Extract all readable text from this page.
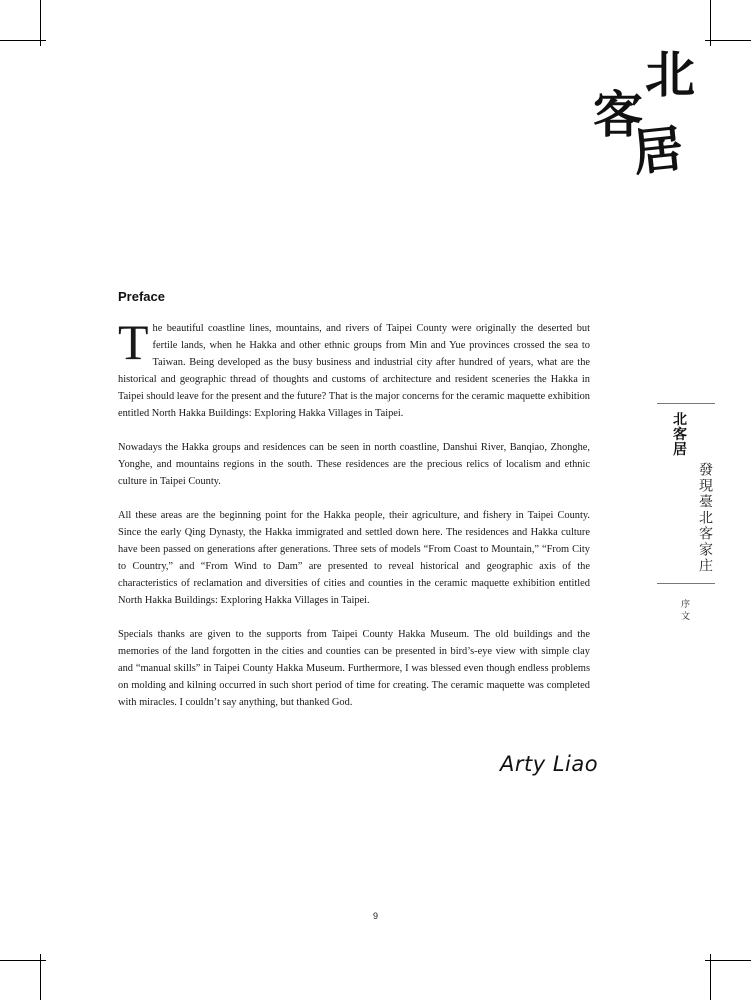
北
客
居
Preface

The beautiful coastline lines, mountains, and rivers of Taipei County were originally the deserted but fertile lands, when he Hakka and other ethnic groups from Min and Yue provinces crossed the sea to Taiwan. Being developed as the busy business and industrial city after hundred of years, what are the historical and geographic thread of thoughts and customs of architecture and resident sceneries the Hakka in Taipei should leave for the present and the future? That is the major concerns for the ceramic maquette exhibition entitled North Hakka Buildings: Exploring Hakka Villages in Taipei.

Nowadays the Hakka groups and residences can be seen in north coastline, Danshui River, Banqiao, Zhonghe, Yonghe, and mountains regions in the south. These residences are the precious relics of localism and ethnic culture in Taipei County.

All these areas are the beginning point for the Hakka people, their agriculture, and fishery in Taipei County. Since the early Qing Dynasty, the Hakka immigrated and settled down here. The residences and Hakka culture have been passed on generations after generations. Three sets of models “From Coast to Mountain,” “From City to Country,” and “From Wind to Dam” are presented to reveal historical and geographic axis of the characteristics of reclamation and diversities of cities and counties in the ceramic maquette exhibition entitled North Hakka Buildings: Exploring Hakka Villages in Taipei.

Specials thanks are given to the supports from Taipei County Hakka Museum. The old buildings and the memories of the land forgotten in the cities and counties can be presented in bird’s-eye view with simple clay and “manual skills” in Taipei County Hakka Museum. Furthermore, I was blessed even though endless problems on molding and kilning occurred in such short period of time for creating. The ceramic maquette was completed with miracles. I couldn’t say anything, but thanked God.

Arty Liao

9
北
客居
發現臺北客家庄
序文
